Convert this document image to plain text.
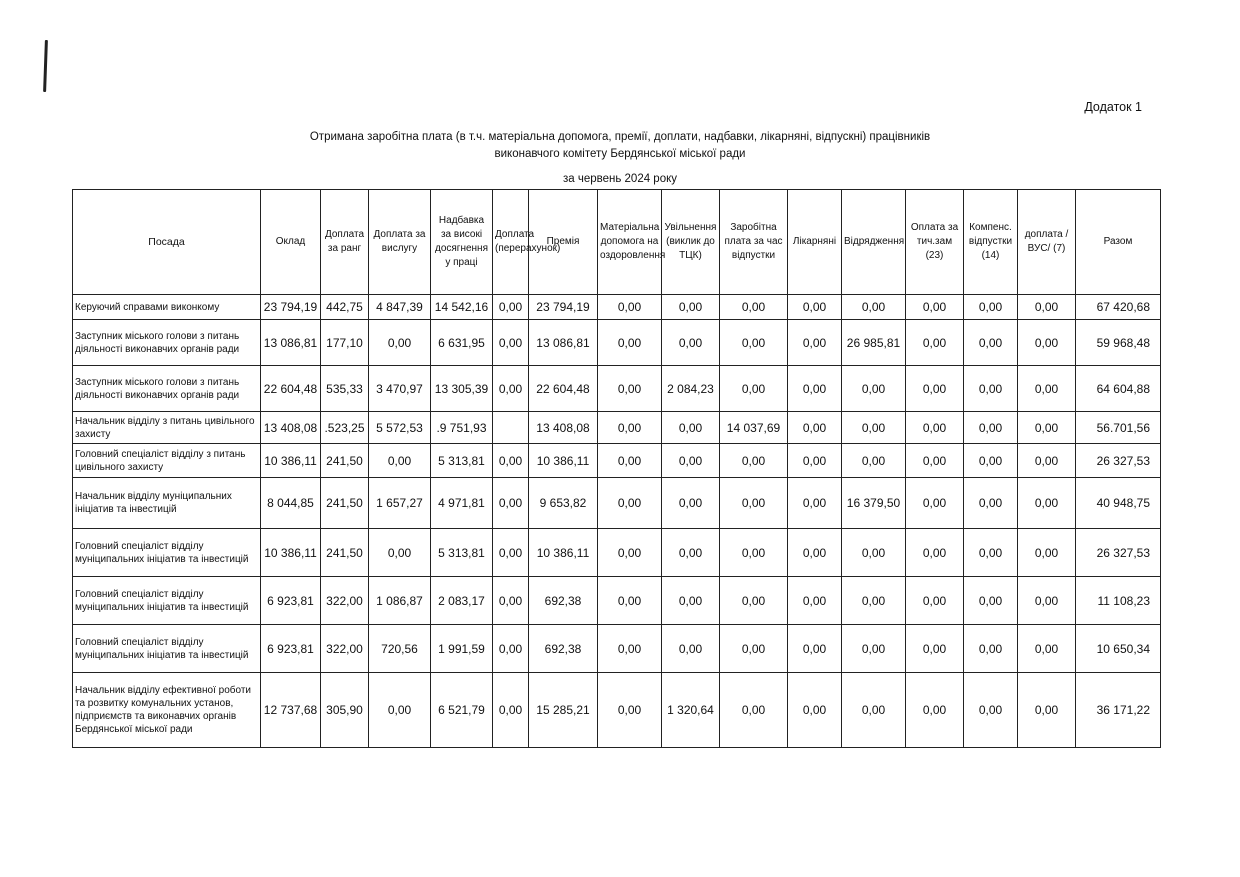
Додаток 1
Отримана заробітна плата (в т.ч. матеріальна допомога, премії, доплати, надбавки, лікарняні, відпускні) працівників
виконавчого комітету Бердянської міської ради
за червень 2024 року
Посада	Оклад	Доплата за ранг	Доплата за вислугу	Надбавка за високі досягнення у праці	Доплата (перерахунок)	Премія	Матеріальна допомога на оздоровлення	Увільнення (виклик до ТЦК)	Заробітна плата за час відпустки	Лікарняні	Відрядження	Оплата за тич.зам (23)	Компенс. відпустки (14)	доплата /ВУС/ (7)	Разом
Керуючий справами виконкому	23 794,19	442,75	4 847,39	14 542,16	0,00	23 794,19	0,00	0,00	0,00	0,00	0,00	0,00	0,00	0,00	67 420,68
Заступник міського голови з питань діяльності виконавчих органів ради	13 086,81	177,10	0,00	6 631,95	0,00	13 086,81	0,00	0,00	0,00	0,00	26 985,81	0,00	0,00	0,00	59 968,48
Заступник міського голови з питань діяльності виконавчих органів ради	22 604,48	535,33	3 470,97	13 305,39	0,00	22 604,48	0,00	2 084,23	0,00	0,00	0,00	0,00	0,00	0,00	64 604,88
Начальник відділу з питань цивільного захисту	13 408,08	.523,25	5 572,53	.9 751,93		13 408,08	0,00	0,00	14 037,69	0,00	0,00	0,00	0,00	0,00	56.701,56
Головний спеціаліст відділу з питань цивільного захисту	10 386,11	241,50	0,00	5 313,81	0,00	10 386,11	0,00	0,00	0,00	0,00	0,00	0,00	0,00	0,00	26 327,53
Начальник відділу муніципальних ініціатив та інвестицій	8 044,85	241,50	1 657,27	4 971,81	0,00	9 653,82	0,00	0,00	0,00	0,00	16 379,50	0,00	0,00	0,00	40 948,75
Головний спеціаліст відділу муніципальних ініціатив та інвестицій	10 386,11	241,50	0,00	5 313,81	0,00	10 386,11	0,00	0,00	0,00	0,00	0,00	0,00	0,00	0,00	26 327,53
Головний спеціаліст відділу муніципальних ініціатив та інвестицій	6 923,81	322,00	1 086,87	2 083,17	0,00	692,38	0,00	0,00	0,00	0,00	0,00	0,00	0,00	0,00	11 108,23
Головний спеціаліст відділу муніципальних ініціатив та інвестицій	6 923,81	322,00	720,56	1 991,59	0,00	692,38	0,00	0,00	0,00	0,00	0,00	0,00	0,00	0,00	10 650,34
Начальник відділу ефективної роботи та розвитку комунальних установ, підприємств та виконавчих органів Бердянської міської ради	12 737,68	305,90	0,00	6 521,79	0,00	15 285,21	0,00	1 320,64	0,00	0,00	0,00	0,00	0,00	0,00	36 171,22
